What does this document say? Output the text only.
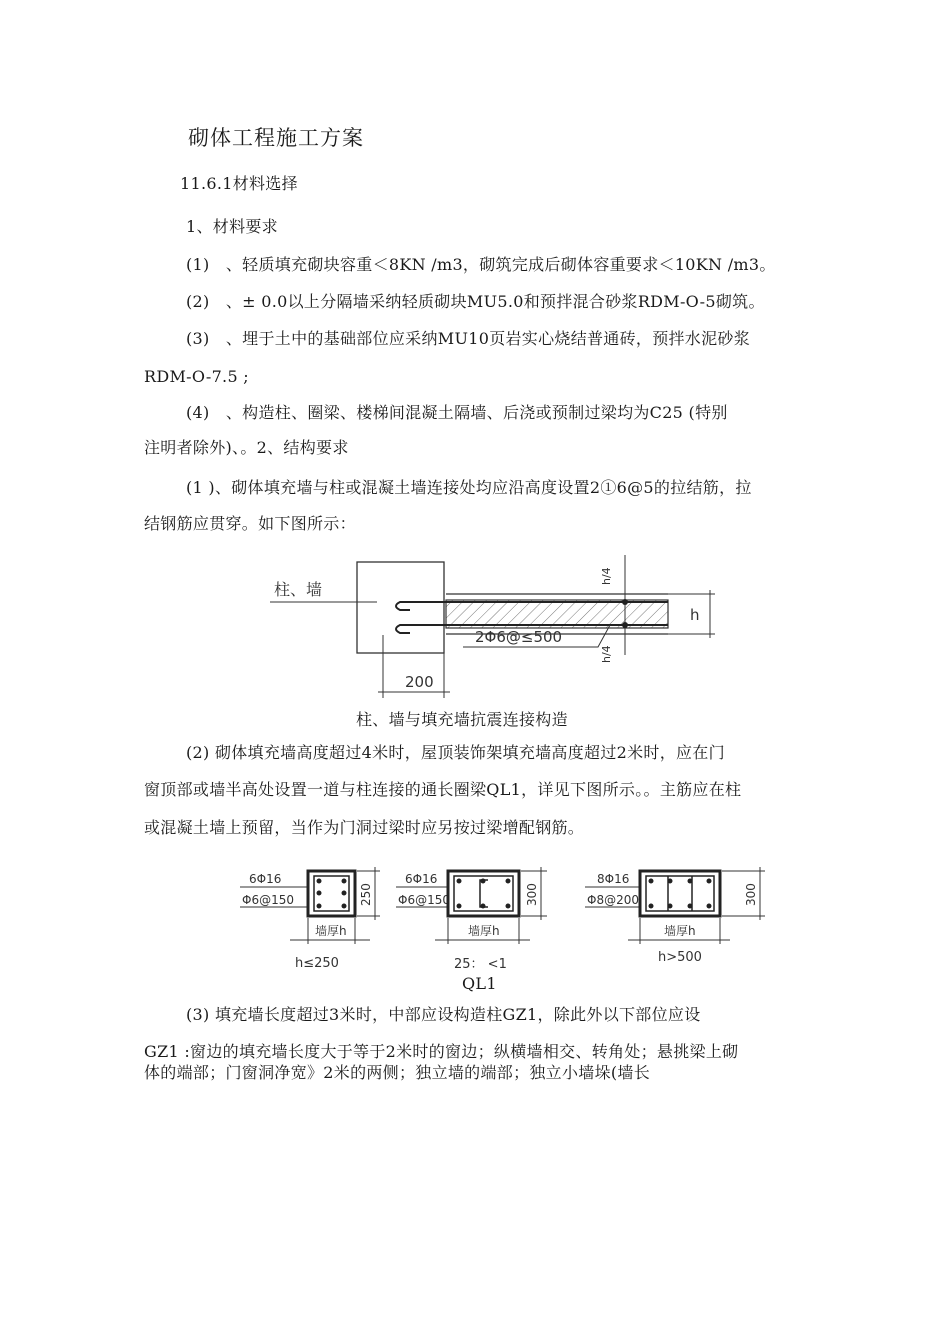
砌体工程施工方案
11.6.1材料选择
1、材料要求
(1)　、轻质填充砌块容重＜8KN /m3，砌筑完成后砌体容重要求＜10KN /m3。
(2)　、± 0.0以上分隔墙采纳轻质砌块MU5.0和预拌混合砂浆RDM-O-5砌筑。
(3)　、埋于土中的基础部位应采纳MU10页岩实心烧结普通砖，预拌水泥砂浆
RDM-O-7.5 ;
(4)　、构造柱、圈梁、楼梯间混凝土隔墙、后浇或预制过梁均为C25 (特别
注明者除外)、。2、结构要求
(1 )、砌体填充墙与柱或混凝土墙连接处均应沿高度设置2①6@5的拉结筋，拉
结钢筋应贯穿。如下图所示：
柱、墙
h/4
h/4
h
2Φ6@≤500
200
柱、墙与填充墙抗震连接构造
(2) 砌体填充墙高度超过4米时，屋顶装饰架填充墙高度超过2米时，应在门
窗顶部或墙半高处设置一道与柱连接的通长圈梁QL1，详见下图所示。。主筋应在柱
或混凝土墙上预留，当作为门洞过梁时应另按过梁增配钢筋。
6Φ16
Φ6@150	250
墙厚h
h≤250
6Φ16
Φ6@150	300
墙厚h
25： <1
8Φ16
Φ8@200	300
墙厚h
h>500
QL1
(3) 填充墙长度超过3米时，中部应设构造柱GZ1，除此外以下部位应设
GZ1 :窗边的填充墙长度大于等于2米时的窗边；纵横墙相交、转角处；悬挑梁上砌
体的端部；门窗洞净宽》2米的两侧；独立墙的端部；独立小墙垛(墙长
